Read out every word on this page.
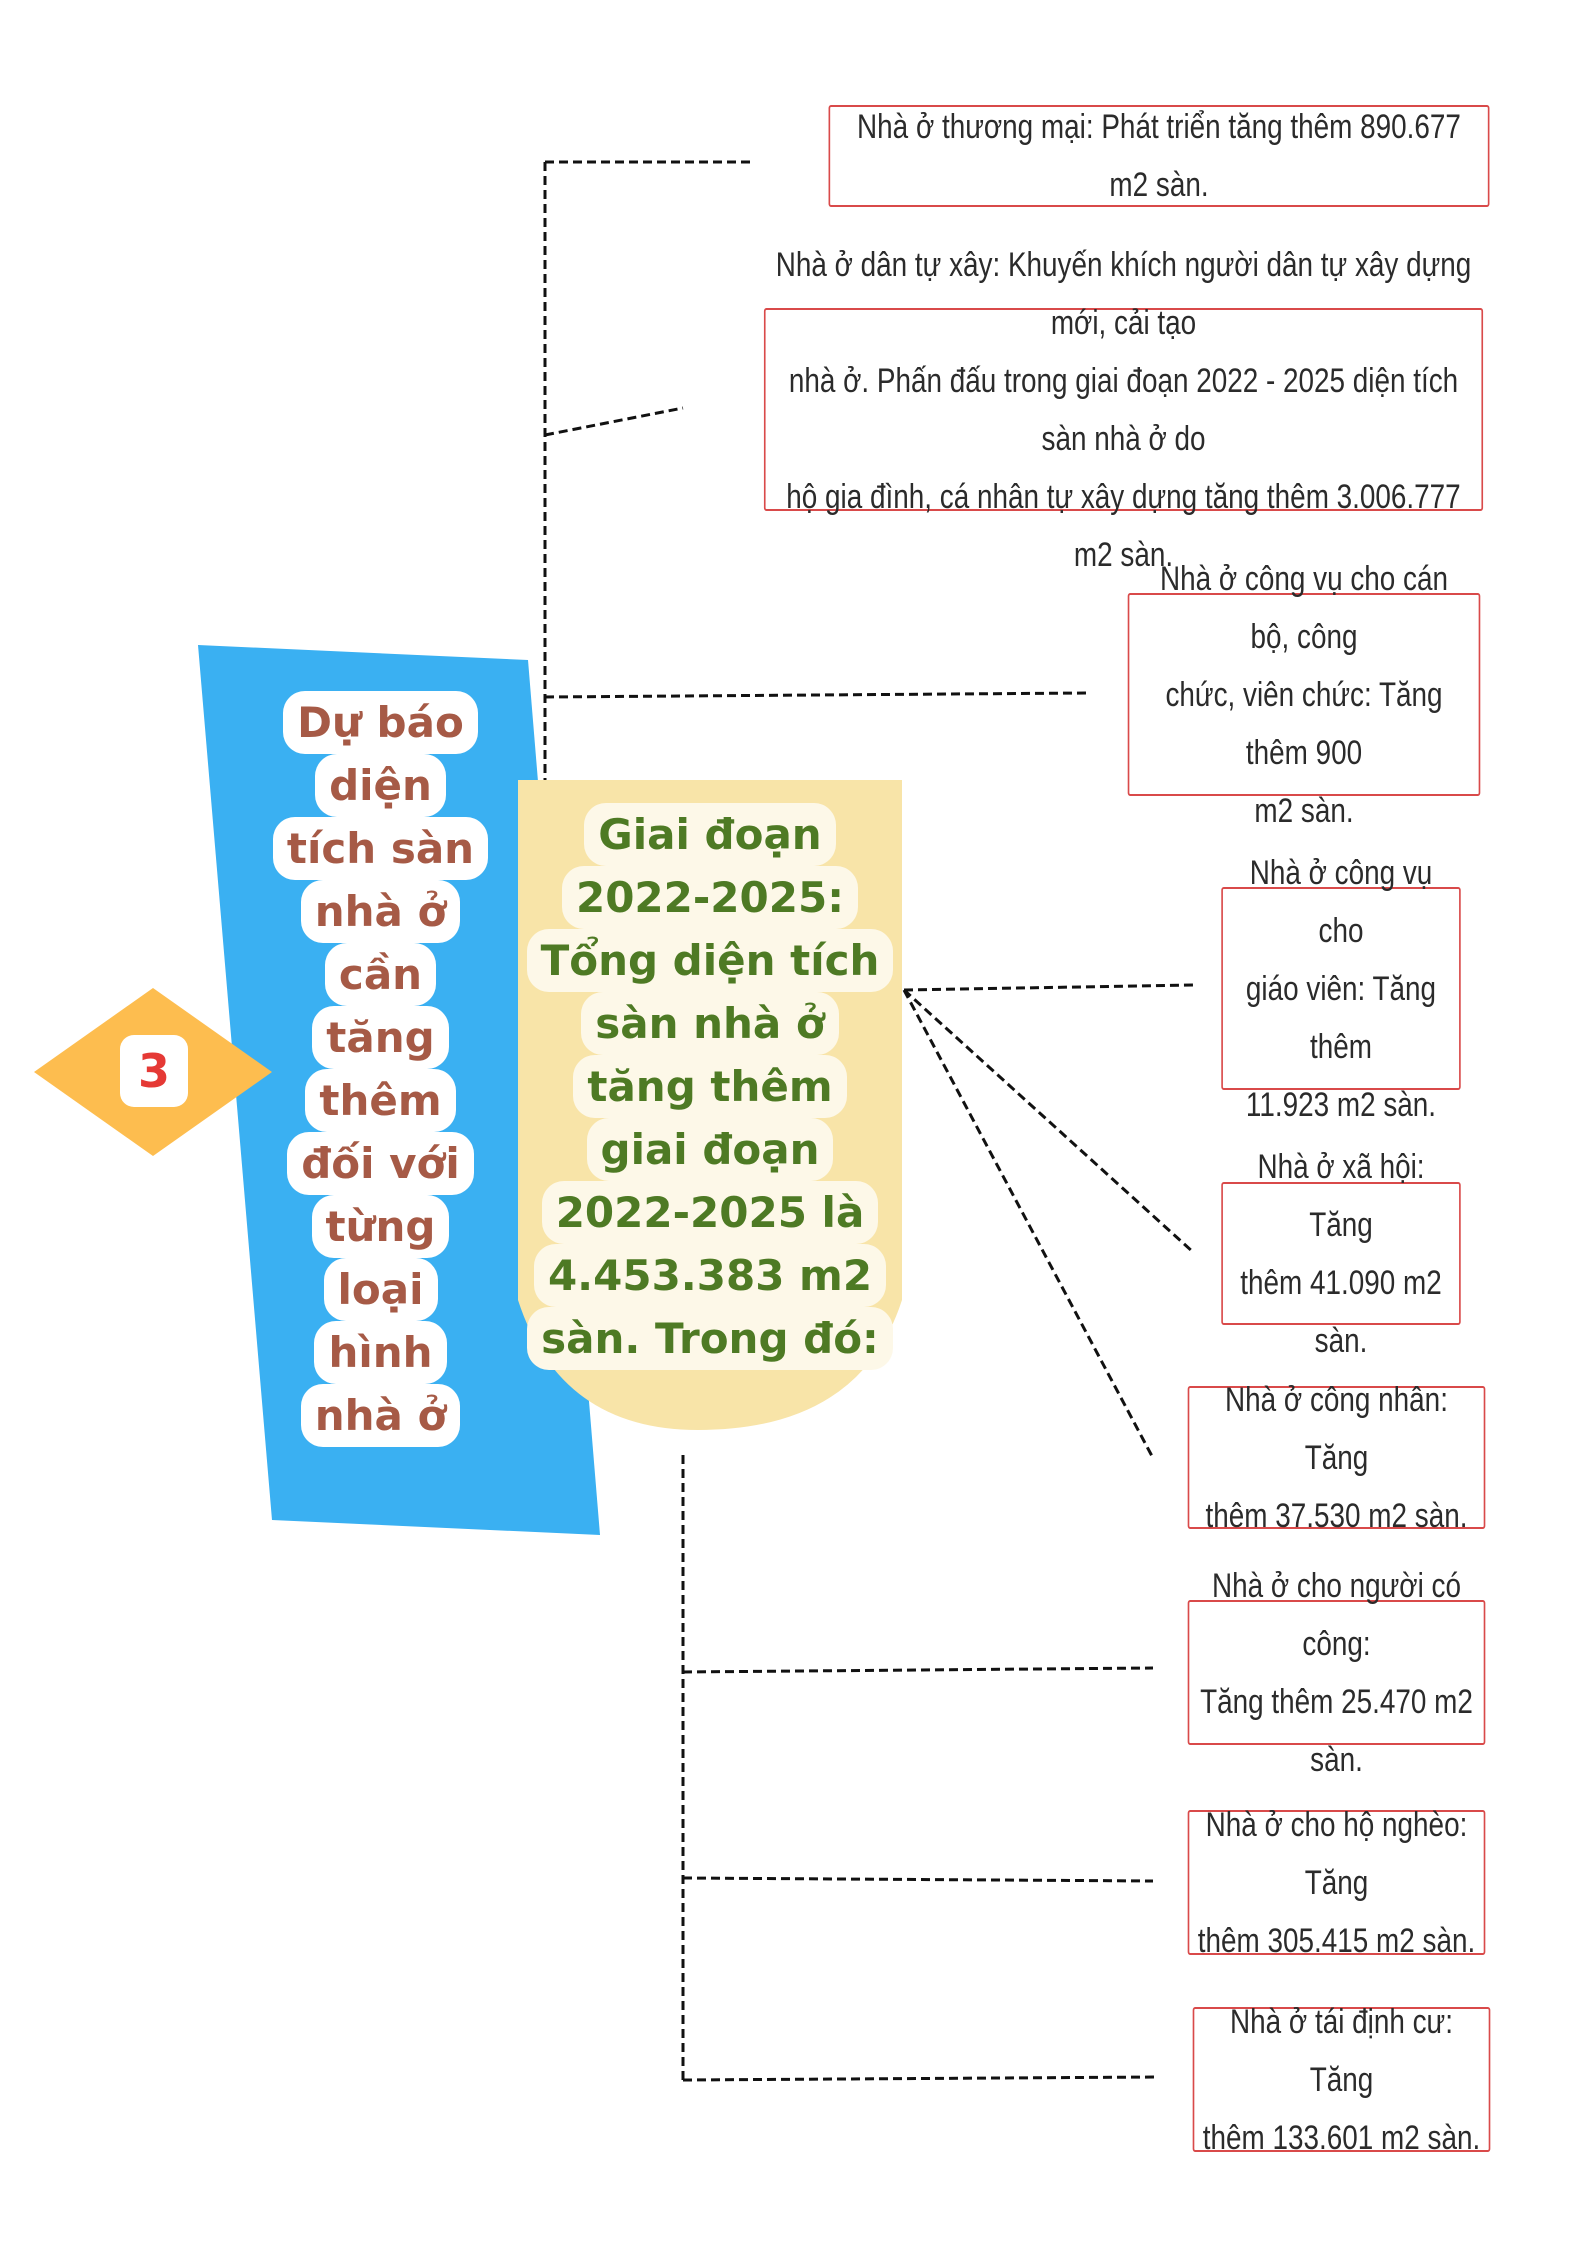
3
Dự báo
diện
tích sàn
nhà ở
cần
tăng
thêm
đối với
từng
loại
hình
nhà ở
Giai đoạn
2022-2025:
Tổng diện tích
sàn nhà ở
tăng thêm
giai đoạn
2022-2025 là
4.453.383 m2
sàn. Trong đó:
Nhà ở thương mại: Phát triển tăng thêm 890.677 m2 sàn.
Nhà ở dân tự xây: Khuyến khích người dân tự xây dựng mới, cải tạo
nhà ở. Phấn đấu trong giai đoạn 2022 - 2025 diện tích sàn nhà ở do
hộ gia đình, cá nhân tự xây dựng tăng thêm 3.006.777 m2 sàn.
Nhà ở công vụ cho cán bộ, công
chức, viên chức: Tăng thêm 900
m2 sàn.
Nhà ở công vụ cho
giáo viên: Tăng thêm
11.923 m2 sàn.
Nhà ở xã hội: Tăng
thêm 41.090 m2 sàn.
Nhà ở công nhân: Tăng
thêm 37.530 m2 sàn.
Nhà ở cho người có công:
Tăng thêm 25.470 m2 sàn.
Nhà ở cho hộ nghèo: Tăng
thêm 305.415 m2 sàn.
Nhà ở tái định cư: Tăng
thêm 133.601 m2 sàn.
